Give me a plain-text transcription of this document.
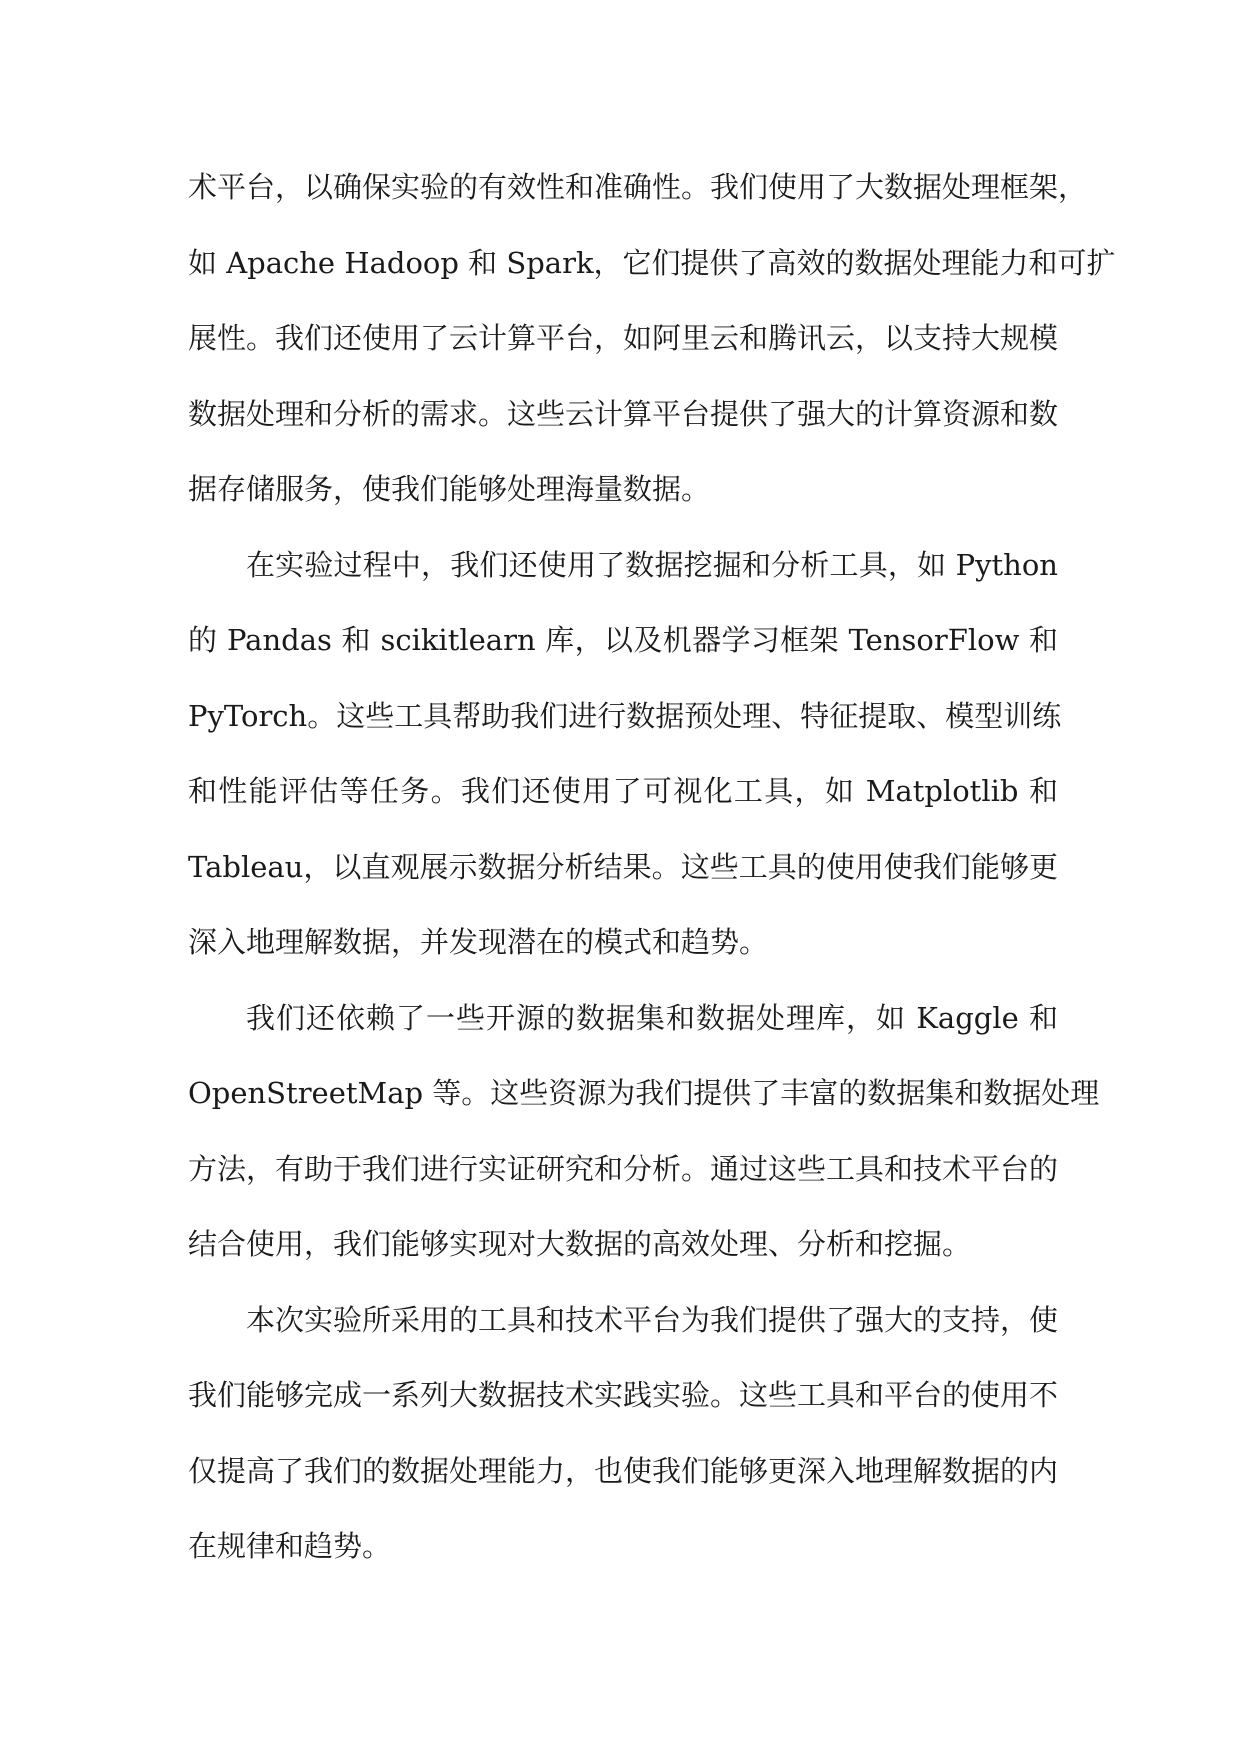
术平台，以确保实验的有效性和准确性。我们使用了大数据处理框架，
如 Apache Hadoop 和 Spark，它们提供了高效的数据处理能力和可扩
展性。我们还使用了云计算平台，如阿里云和腾讯云，以支持大规模
数据处理和分析的需求。这些云计算平台提供了强大的计算资源和数
据存储服务，使我们能够处理海量数据。
在实验过程中，我们还使用了数据挖掘和分析工具，如 Python
的 Pandas 和 scikitlearn 库，以及机器学习框架 TensorFlow 和
PyTorch。这些工具帮助我们进行数据预处理、特征提取、模型训练
和性能评估等任务。我们还使用了可视化工具，如 Matplotlib 和
Tableau，以直观展示数据分析结果。这些工具的使用使我们能够更
深入地理解数据，并发现潜在的模式和趋势。
我们还依赖了一些开源的数据集和数据处理库，如 Kaggle 和
OpenStreetMap 等。这些资源为我们提供了丰富的数据集和数据处理
方法，有助于我们进行实证研究和分析。通过这些工具和技术平台的
结合使用，我们能够实现对大数据的高效处理、分析和挖掘。
本次实验所采用的工具和技术平台为我们提供了强大的支持，使
我们能够完成一系列大数据技术实践实验。这些工具和平台的使用不
仅提高了我们的数据处理能力，也使我们能够更深入地理解数据的内
在规律和趋势。
